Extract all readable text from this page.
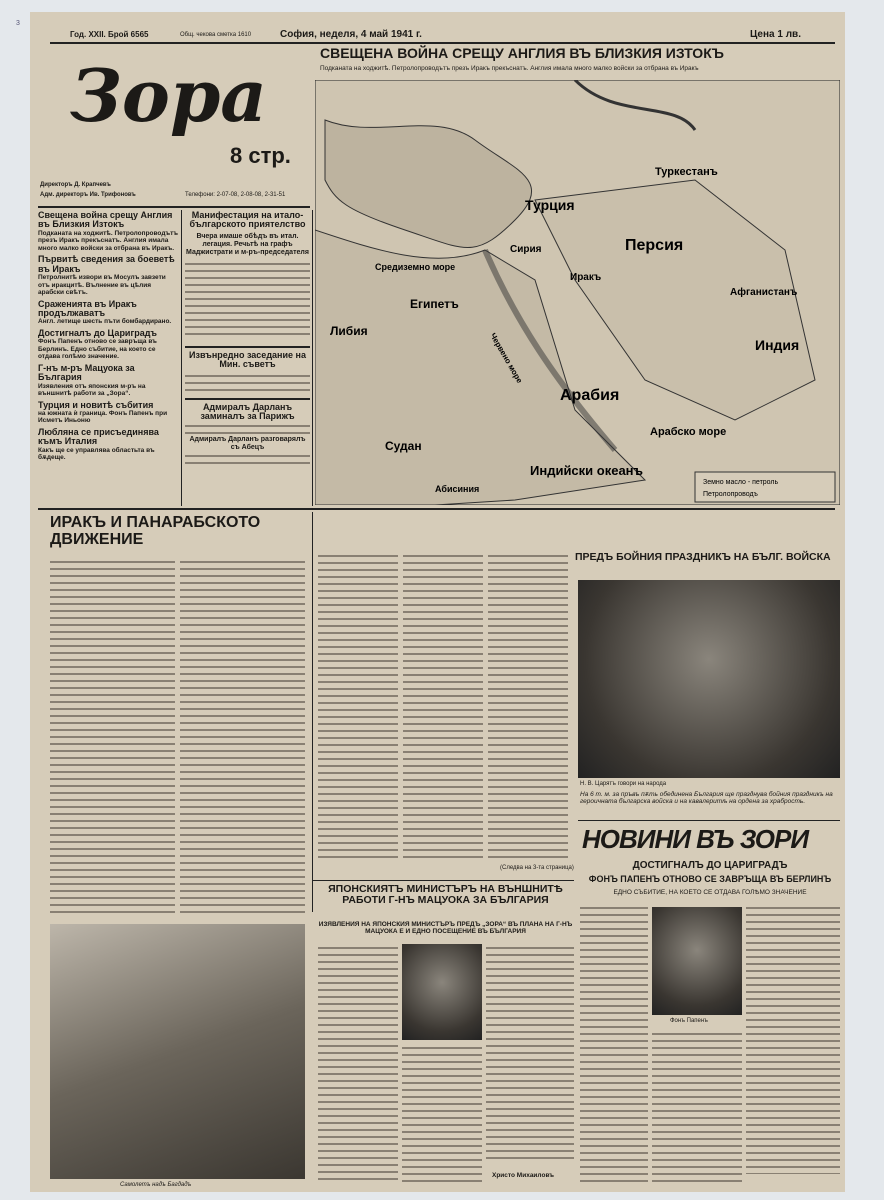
Год. XXII. Брой 6565	Общ. чекова сметка 1610	София, неделя, 4 май 1941 г.	Цена 1 лв.
3
Зора
8 стр.
Директоръ Д. Крапчевъ
Адм. директоръ Ив. Трифоновъ	Телефони: 2-07-08, 2-08-08, 2-31-51
СВЕЩЕНА ВОЙНА СРЕЩУ АНГЛИЯ ВЪ БЛИЗКИЯ ИЗТОКЪ
Подканата на ходжитѣ. Петролопроводътъ презъ Иракъ прекъснатъ. Англия имала много малко войски за отбрана въ Иракъ
Турция
Сирия
Иракъ
Персия
Арабия
Египетъ
Либия
Судан
Абисиния
Индийски океанъ
Арабско море
Туркестанъ
Афганистанъ
Индия
Средиземно море
Червено море
Земно масло - петроль
Петролопроводъ
Свещена война срещу Англия въ Близкия Изтокъ
Подканата на ходжитѣ. Петролопроводътъ презъ Иракъ прекъснатъ. Англия имала много малко войски за отбрана въ Иракъ.
Първитѣ сведения за боеветѣ въ Иракъ
Петролнитѣ извори въ Мосулъ завзети отъ иракцитѣ. Вълнение въ цѣлия арабски свѣтъ.
Сраженията въ Иракъ продължаватъ
Англ. летище шесть пъти бомбардирано.
Достигналъ до Цариградъ
Фонъ Папенъ отново се завръща въ Берлинъ. Едно събитие, на което се отдава голѣмо значение.
Г-нъ м-ръ Мацуока за България
Изявления отъ японския м-ръ на външнитѣ работи за „Зора“.
Турция и новитѣ събития
на южната ѝ граница. Фонъ Папенъ при Исметъ Иньоню
Любляна се присъединява къмъ Италия
Какъ ще се управлява областьта въ бѫдеще.
Манифестация на итало-българското приятелство
Вчера имаше обѣдъ въ итал. легация. Речьтѣ на графъ Маджистрати и м-ръ-председателя
Извънредно заседание на Мин. съветъ
Адмиралъ Дарланъ заминалъ за Парижъ
Адмиралъ Дарланъ разговарялъ съ Абецъ
ИРАКЪ И ПАНАРАБСКОТО ДВИЖЕНИЕ
(Следва на 3-та страница)
ПРЕДЪ БОЙНИЯ ПРАЗДНИКЪ НА БЪЛГ. ВОЙСКА
Н. В. Царятъ говори на народа
На 6 т. м. за пръвъ пѫть обединена България ще празднува бойния праздникъ на героичната българска войска и на кавалеритѣ на ордена за храбрость.
НОВИНИ ВЪ ЗОРИ
ДОСТИГНАЛЪ ДО ЦАРИГРАДЪ
ФОНЪ ПАПЕНЪ ОТНОВО СЕ ЗАВРЪЩА ВЪ БЕРЛИНЪ
ЕДНО СЪБИТИЕ, НА КОЕТО СЕ ОТДАВА ГОЛѢМО ЗНАЧЕНИЕ
Фонъ Папенъ
ЯПОНСКИЯТЪ МИНИСТЪРЪ НА ВЪНШНИТѢ РАБОТИ Г-НЪ МАЦУОКА ЗА БЪЛГАРИЯ
ИЗЯВЛЕНИЯ НА ЯПОНСКИЯ МИНИСТЪРЪ ПРЕДЪ „ЗОРА“ ВЪ ПЛАНА НА Г-НЪ МАЦУОКА Е И ЕДНО ПОСЕЩЕНИЕ ВЪ БЪЛГАРИЯ
Христо Михаиловъ
Самолетъ надъ Багдадъ
